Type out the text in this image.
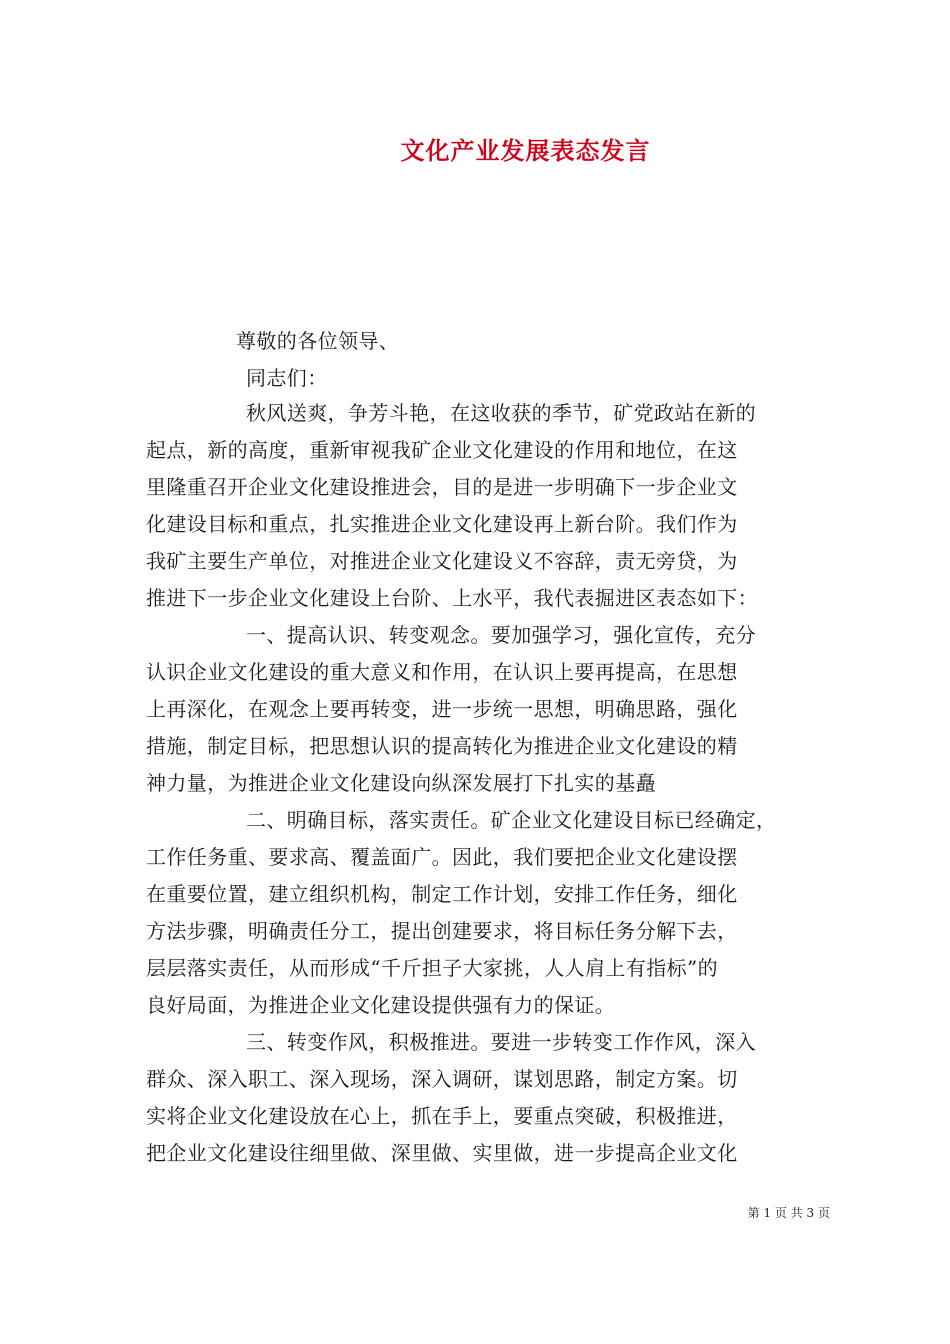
文化产业发展表态发言
尊敬的各位领导、
同志们：
秋风送爽，争芳斗艳，在这收获的季节，矿党政站在新的
起点，新的高度，重新审视我矿企业文化建设的作用和地位，在这
里隆重召开企业文化建设推进会，目的是进一步明确下一步企业文
化建设目标和重点，扎实推进企业文化建设再上新台阶。我们作为
我矿主要生产单位，对推进企业文化建设义不容辞，责无旁贷，为
推进下一步企业文化建设上台阶、上水平，我代表掘进区表态如下：
一、提高认识、转变观念。要加强学习，强化宣传，充分
认识企业文化建设的重大意义和作用，在认识上要再提高，在思想
上再深化，在观念上要再转变，进一步统一思想，明确思路，强化
措施，制定目标，把思想认识的提高转化为推进企业文化建设的精
神力量，为推进企业文化建设向纵深发展打下扎实的基矗
二、明确目标，落实责任。矿企业文化建设目标已经确定，
工作任务重、要求高、覆盖面广。因此，我们要把企业文化建设摆
在重要位置，建立组织机构，制定工作计划，安排工作任务，细化
方法步骤，明确责任分工，提出创建要求，将目标任务分解下去，
层层落实责任，从而形成“千斤担子大家挑，人人肩上有指标”的
良好局面，为推进企业文化建设提供强有力的保证。
三、转变作风，积极推进。要进一步转变工作作风，深入
群众、深入职工、深入现场，深入调研，谋划思路，制定方案。切
实将企业文化建设放在心上，抓在手上，要重点突破，积极推进，
把企业文化建设往细里做、深里做、实里做，进一步提高企业文化
第 1 页 共 3 页
